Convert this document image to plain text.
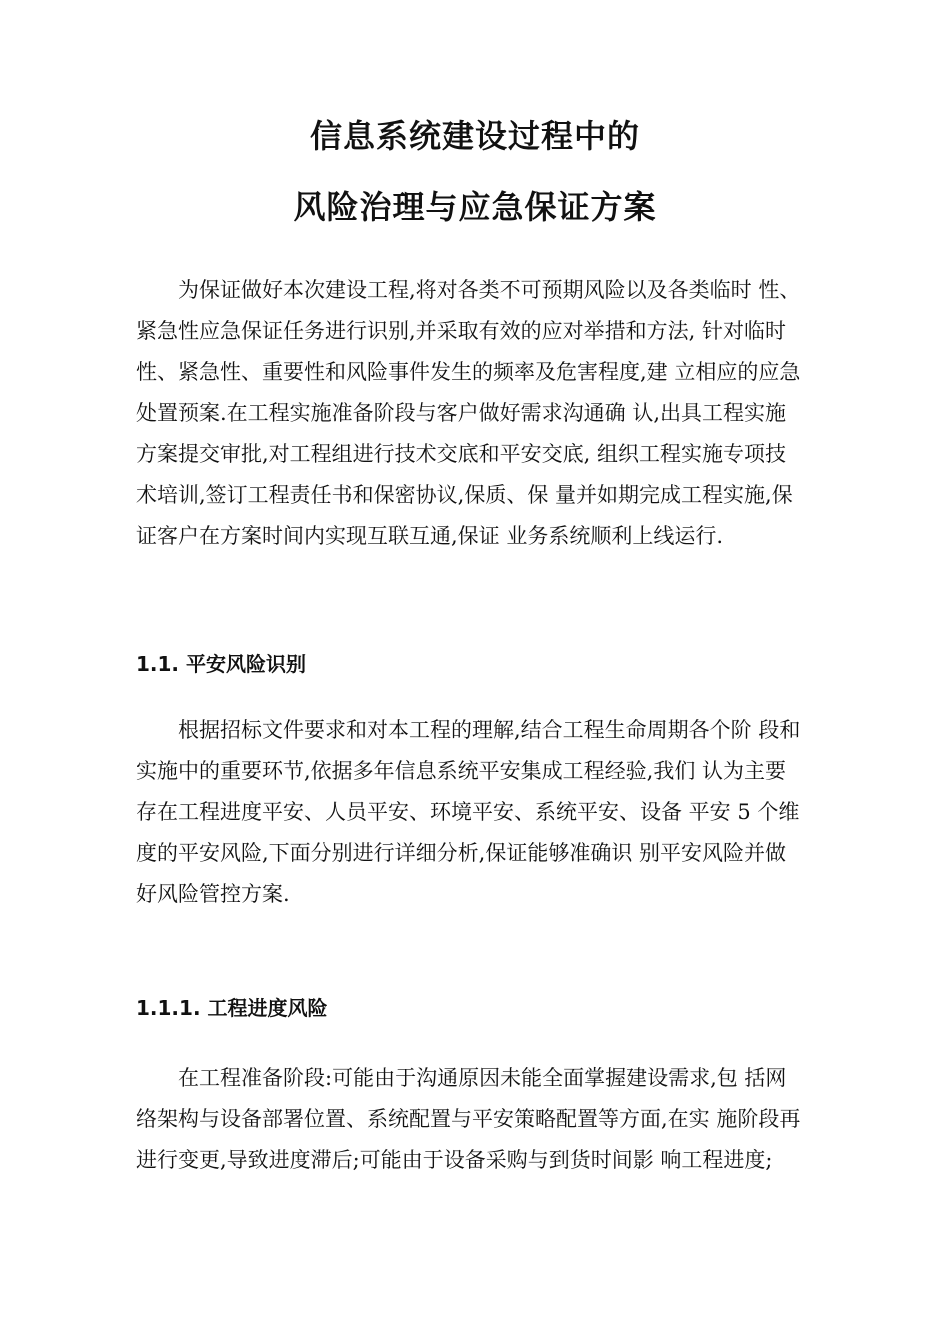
信息系统建设过程中的
风险治理与应急保证方案
为保证做好本次建设工程,将对各类不可预期风险以及各类临时 性、
紧急性应急保证任务进行识别,并采取有效的应对举措和方法, 针对临时
性、紧急性、重要性和风险事件发生的频率及危害程度,建 立相应的应急
处置预案.在工程实施准备阶段与客户做好需求沟通确 认,出具工程实施
方案提交审批,对工程组进行技术交底和平安交底, 组织工程实施专项技
术培训,签订工程责任书和保密协议,保质、保 量并如期完成工程实施,保
证客户在方案时间内实现互联互通,保证 业务系统顺利上线运行.
1.1. 平安风险识别
根据招标文件要求和对本工程的理解,结合工程生命周期各个阶 段和
实施中的重要环节,依据多年信息系统平安集成工程经验,我们 认为主要
存在工程进度平安、人员平安、环境平安、系统平安、设备 平安 5 个维
度的平安风险,下面分别进行详细分析,保证能够准确识 别平安风险并做
好风险管控方案.
1.1.1. 工程进度风险
在工程准备阶段:可能由于沟通原因未能全面掌握建设需求,包 括网
络架构与设备部署位置、系统配置与平安策略配置等方面,在实 施阶段再
进行变更,导致进度滞后;可能由于设备采购与到货时间影 响工程进度;
